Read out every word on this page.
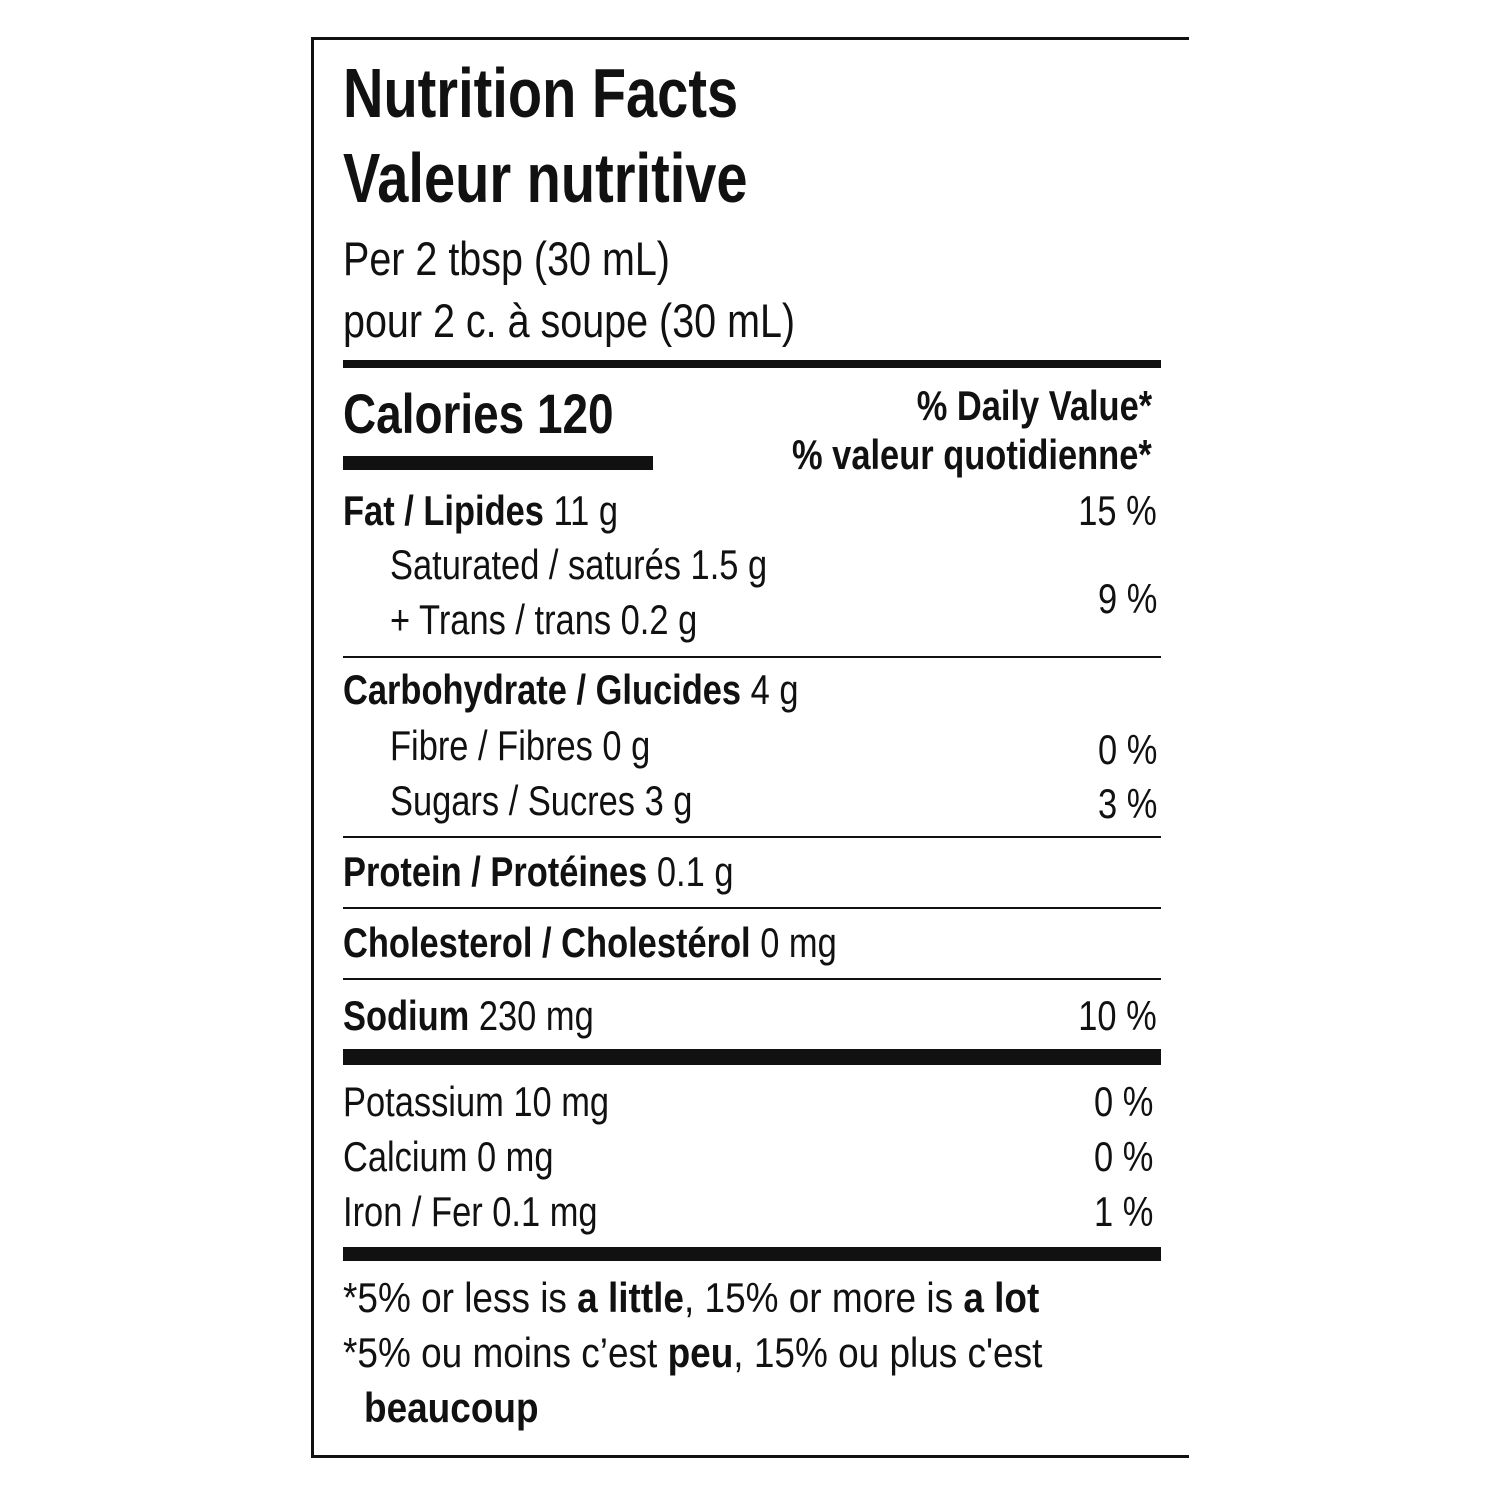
Nutrition Facts
Valeur nutritive
Per 2 tbsp (30 mL)
pour 2 c. à soupe (30 mL)
Calories 120	% Daily Value*
% valeur quotidienne*
Fat / Lipides 11 g	15 %
Saturated / saturés 1.5 g
+ Trans / trans 0.2 g	9 %
Carbohydrate / Glucides 4 g
Fibre / Fibres 0 g	0 %
Sugars / Sucres 3 g	3 %
Protein / Protéines 0.1 g
Cholesterol / Cholestérol 0 mg
Sodium 230 mg	10 %
Potassium 10 mg	0 %
Calcium 0 mg	0 %
Iron / Fer 0.1 mg	1 %
*5% or less is a little, 15% or more is a lot
*5% ou moins c’est peu, 15% ou plus c'est
beaucoup
